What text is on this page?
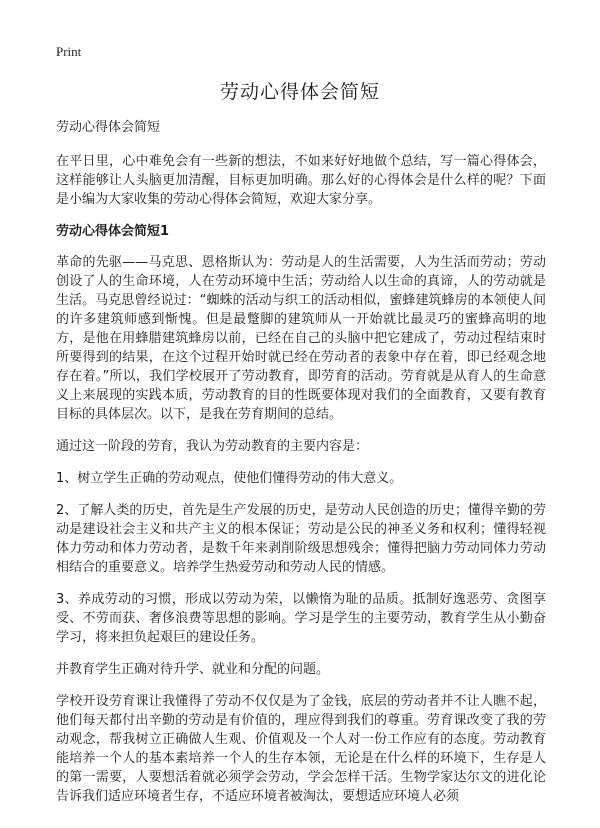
Print
劳动心得体会简短

劳动心得体会简短

在平日里，心中难免会有一些新的想法，不如来好好地做个总结，写一篇心得体会，这样能够让人头脑更加清醒，目标更加明确。那么好的心得体会是什么样的呢？下面是小编为大家收集的劳动心得体会简短，欢迎大家分享。

劳动心得体会简短1

革命的先驱——马克思、恩格斯认为：劳动是人的生活需要，人为生活而劳动；劳动创设了人的生命环境，人在劳动环境中生活；劳动给人以生命的真谛，人的劳动就是生活。马克思曾经说过：“蜘蛛的活动与织工的活动相似，蜜蜂建筑蜂房的本领使人间的许多建筑师感到惭愧。但是最蹩脚的建筑师从一开始就比最灵巧的蜜蜂高明的地方，是他在用蜂腊建筑蜂房以前，已经在自己的头脑中把它建成了，劳动过程结束时所要得到的结果，在这个过程开始时就已经在劳动者的表象中存在着，即已经观念地存在着。”所以，我们学校展开了劳动教育，即劳育的活动。劳育就是从育人的生命意义上来展现的实践本质，劳动教育的目的性既要体现对我们的全面教育，又要有教育目标的具体层次。以下，是我在劳育期间的总结。

通过这一阶段的劳育，我认为劳动教育的主要内容是：

1、树立学生正确的劳动观点，使他们懂得劳动的伟大意义。

2、了解人类的历史，首先是生产发展的历史，是劳动人民创造的历史；懂得辛勤的劳动是建设社会主义和共产主义的根本保证；劳动是公民的神圣义务和权利；懂得轻视体力劳动和体力劳动者，是数千年来剥削阶级思想残余；懂得把脑力劳动同体力劳动相结合的重要意义。培养学生热爱劳动和劳动人民的情感。

3、养成劳动的习惯，形成以劳动为荣，以懒惰为耻的品质。抵制好逸恶劳、贪图享受、不劳而获、奢侈浪费等思想的影响。学习是学生的主要劳动，教育学生从小勤奋学习，将来担负起艰巨的建设任务。

并教育学生正确对待升学、就业和分配的问题。

学校开设劳育课让我懂得了劳动不仅仅是为了金钱，底层的劳动者并不让人瞧不起，他们每天都付出辛勤的劳动是有价值的，理应得到我们的尊重。劳育课改变了我的劳动观念，帮我树立正确做人生观、价值观及一个人对一份工作应有的态度。劳动教育能培养一个人的基本素培养一个人的生存本领，无论是在什么样的环境下，生存是人的第一需要，人要想活着就必须学会劳动，学会怎样干活。生物学家达尔文的进化论告诉我们适应环境者生存，不适应环境者被淘汰，要想适应环境人必须
